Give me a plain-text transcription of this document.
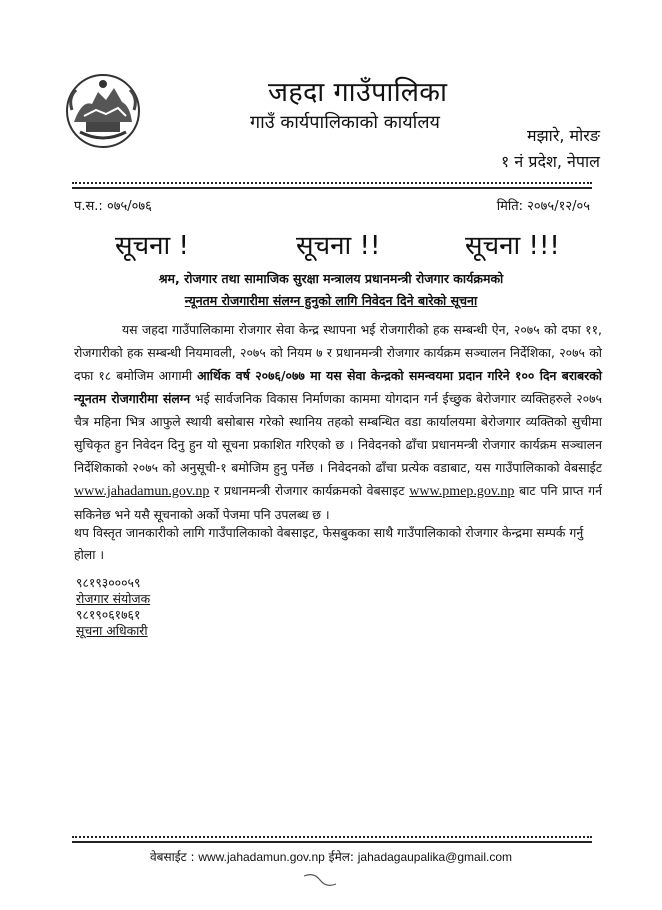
जहदा गाउँपालिका
गाउँ कार्यपालिकाको कार्यालय
मझारे, मोरङ
१ नं प्रदेश, नेपाल
प.स.: ०७५/०७६	मिति: २०७५/१२/०५
सूचना !	सूचना !!	सूचना !!!
श्रम, रोजगार तथा सामाजिक सुरक्षा मन्त्रालय प्रधानमन्त्री रोजगार कार्यक्रमको
न्यूनतम रोजगारीमा संलग्न हुनुको लागि निवेदन दिने बारेको सूचना

यस जहदा गाउँपालिकामा रोजगार सेवा केन्द्र स्थापना भई रोजगारीको हक सम्बन्धी ऐन, २०७५ को दफा ११, रोजगारीको हक सम्बन्धी नियमावली, २०७५ को नियम ७ र प्रधानमन्त्री रोजगार कार्यक्रम सञ्चालन निर्देशिका, २०७५ को दफा १८ बमोजिम आगामी आर्थिक वर्ष २०७६/०७७ मा यस सेवा केन्द्रको समन्वयमा प्रदान गरिने १०० दिन बराबरको न्यूनतम रोजगारीमा संलग्न भई सार्वजनिक विकास निर्माणका काममा योगदान गर्न ईच्छुक बेरोजगार व्यक्तिहरुले २०७५ चैत्र महिना भित्र आफुले स्थायी बसोबास गरेको स्थानिय तहको सम्बन्धित वडा कार्यालयमा बेरोजगार व्यक्तिको सुचीमा सुचिकृत हुन निवेदन दिनु हुन यो सूचना प्रकाशित गरिएको छ । निवेदनको ढाँचा प्रधानमन्त्री रोजगार कार्यक्रम सञ्चालन निर्देशिकाको २०७५ को अनुसूची-१ बमोजिम हुनु पर्नेछ । निवेदनको ढाँचा प्रत्येक वडाबाट, यस गाउँपालिकाको वेबसाईट www.jahadamun.gov.np र प्रधानमन्त्री रोजगार कार्यक्रमको वेबसाइट www.pmep.gov.np बाट पनि प्राप्त गर्न सकिनेछ भने यसै सूचनाको अर्को पेजमा पनि उपलब्ध छ ।

थप विस्तृत जानकारीको लागि गाउँपालिकाको वेबसाइट, फेसबुकका साथै गाउँपालिकाको रोजगार केन्द्रमा सम्पर्क गर्नु होला ।
९८१९३०००५९
रोजगार संयोजक
९८१९०६१७६१
सूचना अधिकारी
वेबसाईट : www.jahadamun.gov.np ईमेल: jahadagaupalika@gmail.com
